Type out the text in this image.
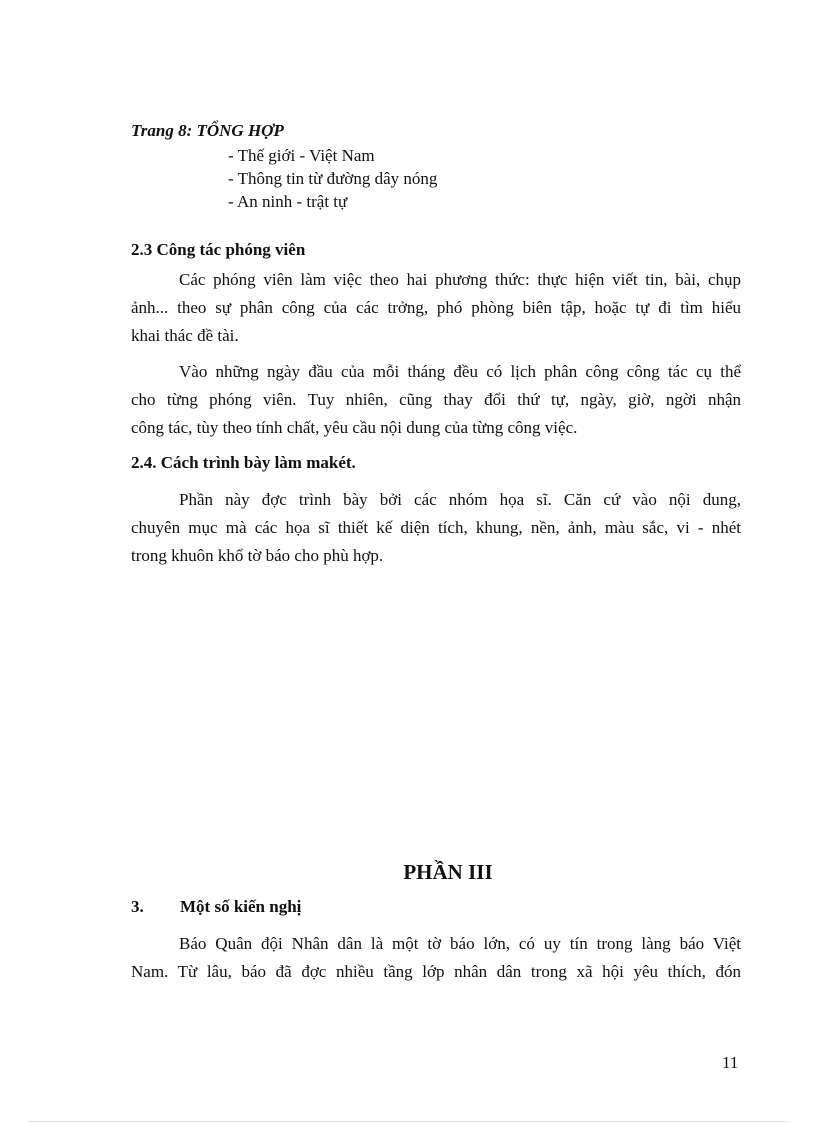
Trang 8: TỔNG HỢP
- Thế giới - Việt Nam
- Thông tin từ đường dây nóng
- An ninh - trật tự
2.3 Công tác phóng viên
Các phóng viên làm việc theo hai phương thức: thực hiện viết tin, bài, chụp
ảnh... theo sự phân công của các trởng, phó phòng biên tập, hoặc tự đi tìm hiểu
khai thác đề tài.
Vào những ngày đầu của mỗi tháng đều có lịch phân công công tác cụ thể
cho từng phóng viên. Tuy nhiên, cũng thay đổi thứ tự, ngày, giờ, ngời nhận
công tác, tùy theo tính chất, yêu cầu nội dung của từng công việc.
2.4. Cách trình bày làm makét.
Phần này đợc trình bày bởi các nhóm họa sĩ. Căn cứ vào nội dung,
chuyên mục mà các họa sĩ thiết kế diện tích, khung, nền, ảnh, màu sắc, vi - nhét
trong khuôn khổ tờ báo cho phù hợp.
PHẦN III
3. Một số kiến nghị
Báo Quân đội Nhân dân là một tờ báo lớn, có uy tín trong làng báo Việt
Nam. Từ lâu, báo đã đợc nhiều tầng lớp nhân dân trong xã hội yêu thích, đón
11
